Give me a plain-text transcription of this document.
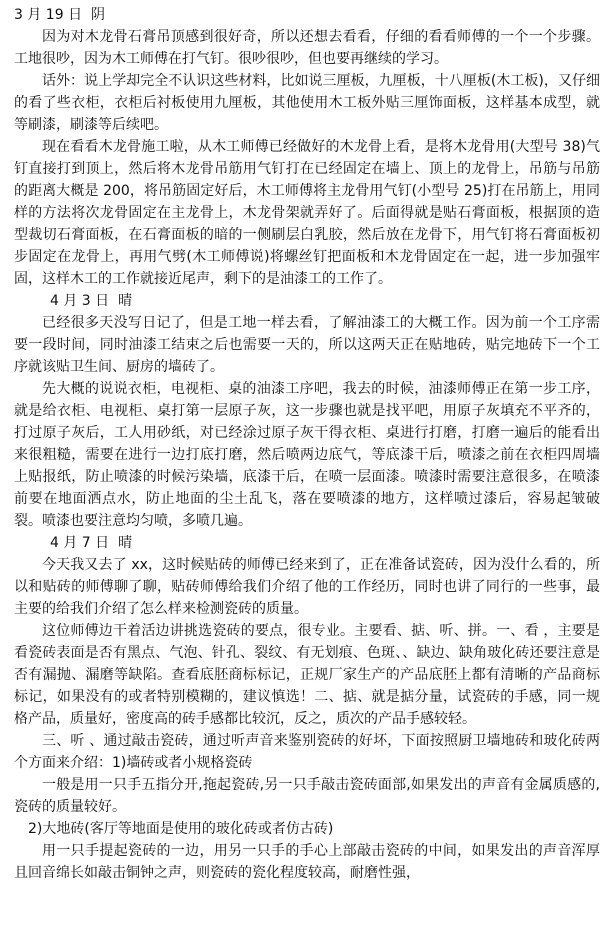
3 月 19 日  阴

因为对木龙骨石膏吊顶感到很好奇，所以还想去看看，仔细的看看师傅的一个一个步骤。工地很吵，因为木工师傅在打气钉。很吵很吵，但也要再继续的学习。

话外：说上学却完全不认识这些材料，比如说三厘板，九厘板，十八厘板(木工板)，又仔细的看了些衣柜，衣柜后衬板使用九厘板，其他使用木工板外贴三厘饰面板，这样基本成型，就等刷漆，刷漆等后续吧。

现在看看木龙骨施工啦，从木工师傅已经做好的木龙骨上看，是将木龙骨用(大型号 38)气钉直接打到顶上，然后将木龙骨吊筋用气钉打在已经固定在墙上、顶上的龙骨上，吊筋与吊筋的距离大概是 200，将吊筋固定好后，木工师傅将主龙骨用气钉(小型号 25)打在吊筋上，用同样的方法将次龙骨固定在主龙骨上，木龙骨架就弄好了。后面得就是贴石膏面板，根据顶的造型裁切石膏面板，在石膏面板的暗的一侧刷层白乳胶，然后放在龙骨下，用气钉将石膏面板初步固定在龙骨上，再用气劈(木工师傅说)将螺丝钉把面板和木龙骨固定在一起，进一步加强牢固，这样木工的工作就接近尾声，剩下的是油漆工的工作了。

4 月 3 日  晴

已经很多天没写日记了，但是工地一样去看，了解油漆工的大概工作。因为前一个工序需要一段时间，同时油漆工结束之后也需要一天的，所以这两天正在贴地砖，贴完地砖下一个工序就该贴卫生间、厨房的墙砖了。

先大概的说说衣柜，电视柜、桌的油漆工序吧，我去的时候，油漆师傅正在第一步工序，就是给衣柜、电视柜、桌打第一层原子灰，这一步骤也就是找平吧，用原子灰填充不平齐的，打过原子灰后，工人用砂纸，对已经涂过原子灰干得衣柜、桌进行打磨，打磨一遍后的能看出来很粗糙，需要在进行一边打底打磨，然后喷两边底气，等底漆干后，喷漆之前在衣柜四周墙上贴报纸，防止喷漆的时候污染墙，底漆干后，在喷一层面漆。喷漆时需要注意很多，在喷漆前要在地面洒点水，防止地面的尘土乱飞，落在要喷漆的地方，这样喷过漆后，容易起皱破裂。喷漆也要注意均匀喷，多喷几遍。

4 月 7 日  晴

今天我又去了 xx，这时候贴砖的师傅已经来到了，正在准备试瓷砖，因为没什么看的，所以和贴砖的师傅聊了聊，贴砖师傅给我们介绍了他的工作经历，同时也讲了同行的一些事，最主要的给我们介绍了怎么样来检测瓷砖的质量。

这位师傅边干着活边讲挑选瓷砖的要点，很专业。主要看、掂、听、拼。一、看 ，主要是看瓷砖表面是否有黑点、气泡、针孔、裂纹、有无划痕、色斑、、缺边、缺角玻化砖还要注意是否有漏抛、漏磨等缺陷。查看底胚商标标记，正规厂家生产的产品底胚上都有清晰的产品商标标记，如果没有的或者特别模糊的，建议慎选！二、掂、就是掂分量，试瓷砖的手感，同一规格产品，质量好，密度高的砖手感都比较沉，反之，质次的产品手感较轻。

三、听 、通过敲击瓷砖，通过听声音来鉴别瓷砖的好坏，下面按照厨卫墙地砖和玻化砖两个方面来介绍：1)墙砖或者小规格瓷砖

一般是用一只手五指分开,拖起瓷砖,另一只手敲击瓷砖面部,如果发出的声音有金属质感的,瓷砖的质量较好。

2)大地砖(客厅等地面是使用的玻化砖或者仿古砖)

用一只手提起瓷砖的一边，用另一只手的手心上部敲击瓷砖的中间，如果发出的声音浑厚且回音绵长如敲击铜钟之声，则瓷砖的瓷化程度较高，耐磨性强，
